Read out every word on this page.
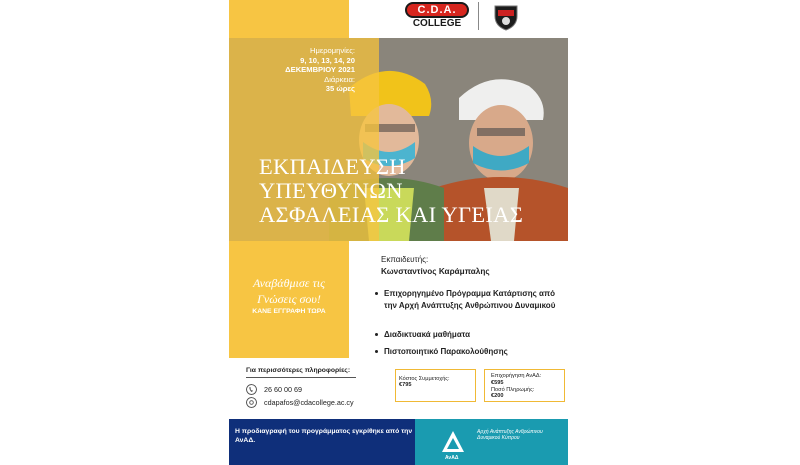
C.D.A.
COLLEGE
Ημερομηνίες:
9, 10, 13, 14, 20
ΔΕΚΕΜΒΡΙΟΥ 2021
Διάρκεια:
35 ώρες
ΕΚΠΑΙΔΕΥΣΗ
ΥΠΕΥΘΥΝΩΝ
ΑΣΦΑΛΕΙΑΣ ΚΑΙ ΥΓΕΙΑΣ
Αναβάθμισε τις
Γνώσεις σου!
ΚΑΝΕ ΕΓΓΡΑΦΗ ΤΩΡΑ
Εκπαιδευτής:
Κωνσταντίνος Καράμπαλης
Επιχορηγημένο Πρόγραμμα Κατάρτισης από την Αρχή Ανάπτυξης Ανθρώπινου Δυναμικού
Διαδικτυακά μαθήματα
Πιστοποιητικό Παρακολούθησης
Για περισσότερες πληροφορίες:
26 60 00 69
cdapafos@cdacollege.ac.cy
Κόστος Συμμετοχής:
€795
Επιχορήγηση ΑνΑΔ:
€595
Ποσό Πληρωμής:
€200
Η προδιαγραφή του προγράμματος εγκρίθηκε από την ΑνΑΔ.
ΑνΑΔ
Αρχή Ανάπτυξης Ανθρώπινου Δυναμικού Κύπρου
